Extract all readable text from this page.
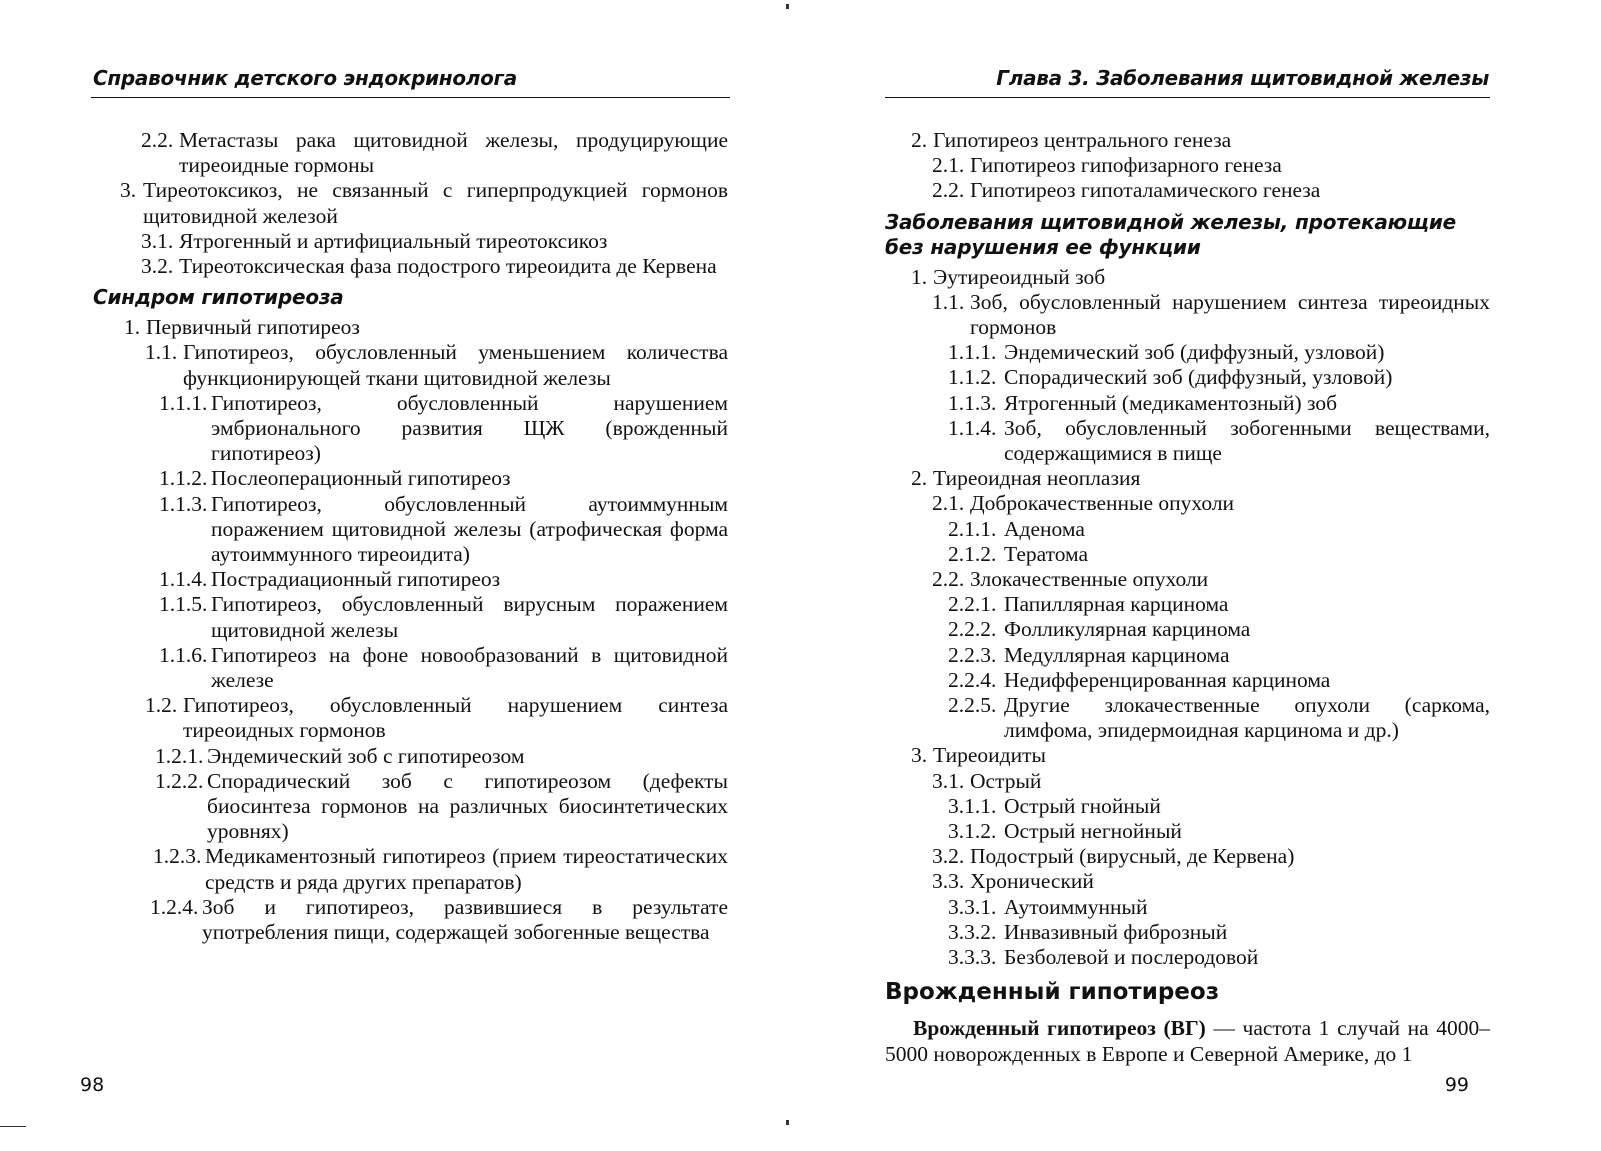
Справочник детского эндокринолога
2.2. Метастазы рака щитовидной железы, продуцирующие тиреоидные гормоны
3. Тиреотоксикоз, не связанный с гиперпродукцией гормонов щитовидной железой
3.1. Ятрогенный и артифициальный тиреотоксикоз
3.2. Тиреотоксическая фаза подострого тиреоидита де Кервена
Синдром гипотиреоза
1. Первичный гипотиреоз
1.1. Гипотиреоз, обусловленный уменьшением количества функционирующей ткани щитовидной железы
1.1.1. Гипотиреоз, обусловленный нарушением эмбрионального развития ЩЖ (врожденный гипотиреоз)
1.1.2. Послеоперационный гипотиреоз
1.1.3. Гипотиреоз, обусловленный аутоиммунным поражением щитовидной железы (атрофическая форма аутоиммунного тиреоидита)
1.1.4. Пострадиационный гипотиреоз
1.1.5. Гипотиреоз, обусловленный вирусным поражением щитовидной железы
1.1.6. Гипотиреоз на фоне новообразований в щитовидной железе
1.2. Гипотиреоз, обусловленный нарушением синтеза тиреоидных гормонов
1.2.1. Эндемический зоб с гипотиреозом
1.2.2. Спорадический зоб с гипотиреозом (дефекты биосинтеза гормонов на различных биосинтетических уровнях)
1.2.3. Медикаментозный гипотиреоз (прием тиреостатических средств и ряда других препаратов)
1.2.4. Зоб и гипотиреоз, развившиеся в результате употребления пищи, содержащей зобогенные вещества
98
Глава 3. Заболевания щитовидной железы
2. Гипотиреоз центрального генеза
2.1. Гипотиреоз гипофизарного генеза
2.2. Гипотиреоз гипоталамического генеза
Заболевания щитовидной железы, протекающие без нарушения ее функции
1. Эутиреоидный зоб
1.1. Зоб, обусловленный нарушением синтеза тиреоидных гормонов
1.1.1. Эндемический зоб (диффузный, узловой)
1.1.2. Спорадический зоб (диффузный, узловой)
1.1.3. Ятрогенный (медикаментозный) зоб
1.1.4. Зоб, обусловленный зобогенными веществами, содержащимися в пище
2. Тиреоидная неоплазия
2.1. Доброкачественные опухоли
2.1.1. Аденома
2.1.2. Тератома
2.2. Злокачественные опухоли
2.2.1. Папиллярная карцинома
2.2.2. Фолликулярная карцинома
2.2.3. Медуллярная карцинома
2.2.4. Недифференцированная карцинома
2.2.5. Другие злокачественные опухоли (саркома, лимфома, эпидермоидная карцинома и др.)
3. Тиреоидиты
3.1. Острый
3.1.1. Острый гнойный
3.1.2. Острый негнойный
3.2. Подострый (вирусный, де Кервена)
3.3. Хронический
3.3.1. Аутоиммунный
3.3.2. Инвазивный фиброзный
3.3.3. Безболевой и послеродовой
Врожденный гипотиреоз
Врожденный гипотиреоз (ВГ) — частота 1 случай на 4000–5000 новорожденных в Европе и Северной Америке, до 1
99
